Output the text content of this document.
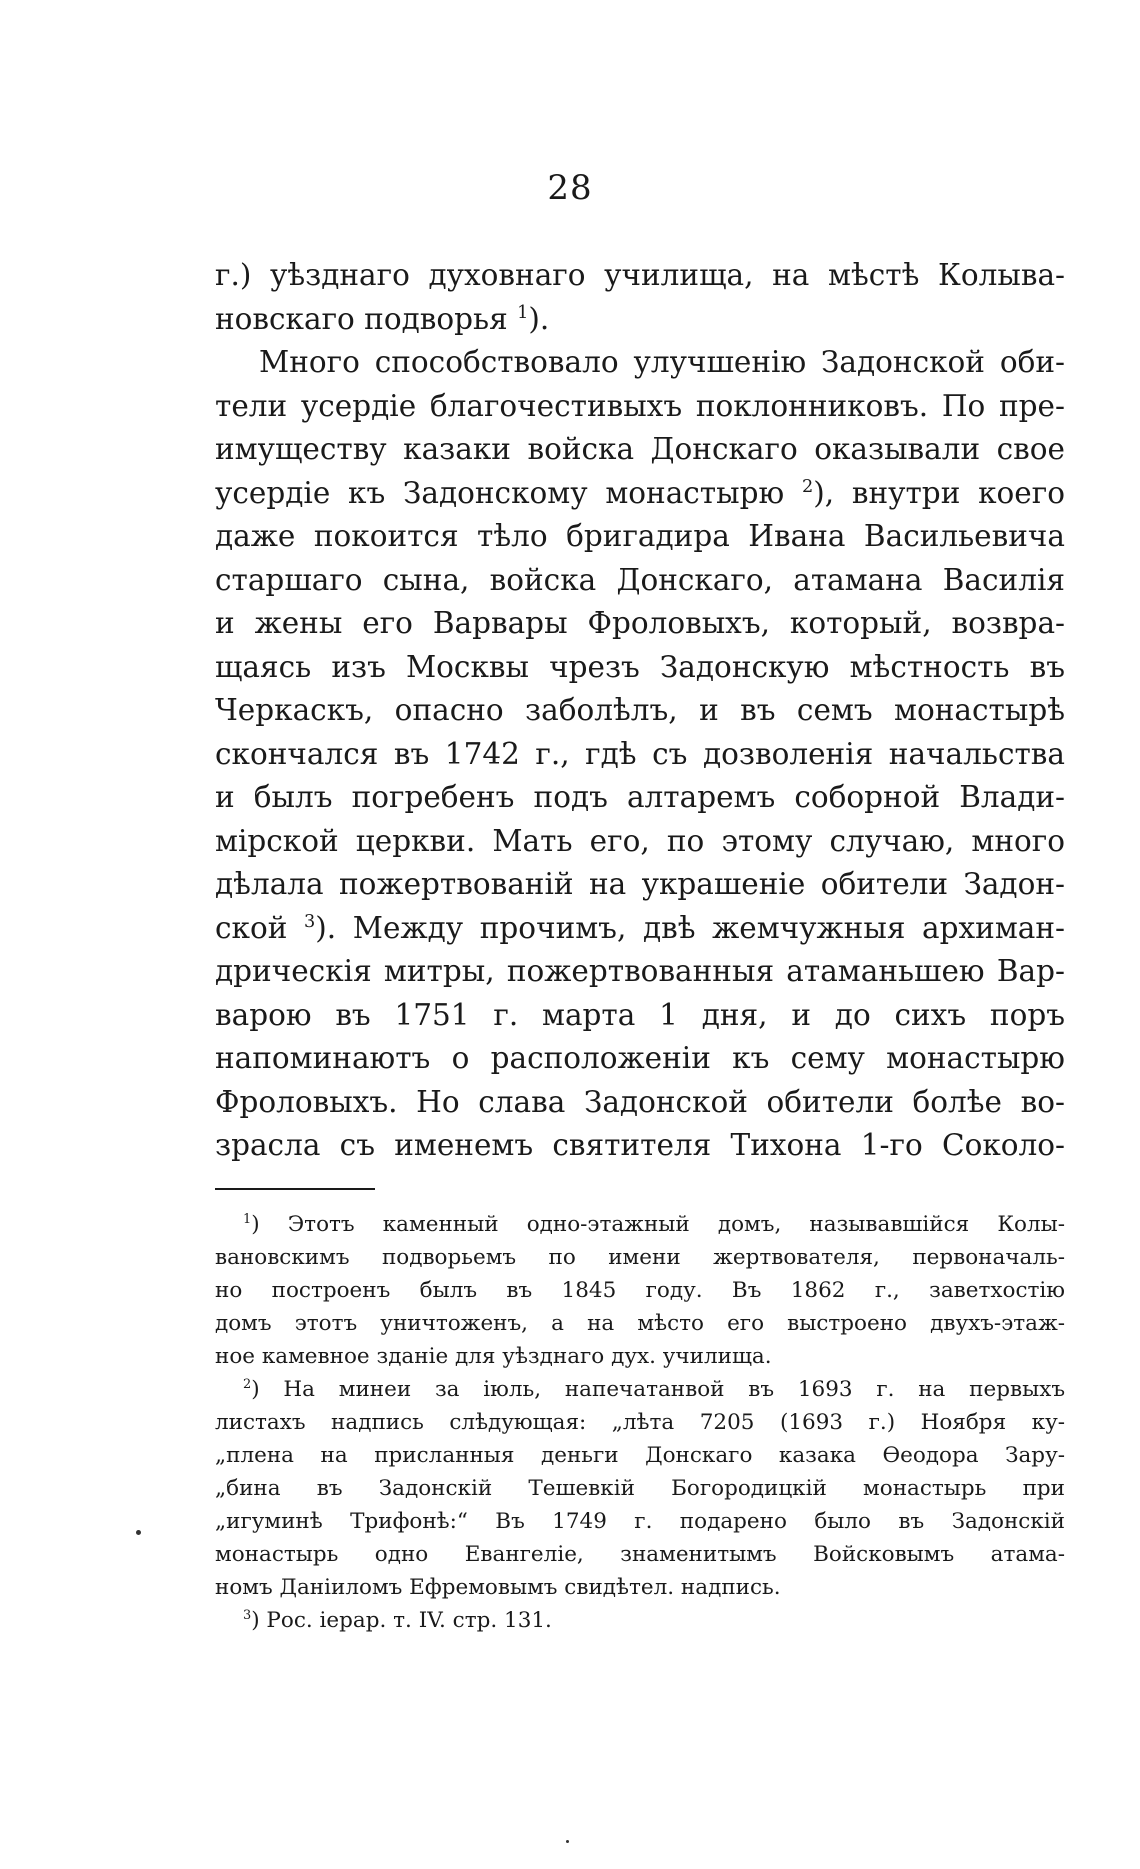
28
г.) уѣзднаго духовнаго училища, на мѣстѣ Колыва-
новскаго подворья $^1$).
Много способствовало улучшенію Задонской оби-
тели усердіе благочестивыхъ поклонниковъ. По пре-
имуществу казаки войска Донскаго оказывали свое
усердіе къ Задонскому монастырю $^2$), внутри коего
даже покоится тѣло бригадира Ивана Васильевича
старшаго сына, войска Донскаго, атамана Василія
и жены его Варвары Фроловыхъ, который, возвра-
щаясь изъ Москвы чрезъ Задонскую мѣстность въ
Черкаскъ, опасно заболѣлъ, и въ семъ монастырѣ
скончался въ 1742 г., гдѣ съ дозволенія начальства
и былъ погребенъ подъ алтаремъ соборной Влади-
мірской церкви. Мать его, по этому случаю, много
дѣлала пожертвованій на украшеніе обители Задон-
ской $^3$). Между прочимъ, двѣ жемчужныя архиман-
дрическія митры, пожертвованныя атаманьшею Вар-
варою въ 1751 г. марта 1 дня, и до сихъ поръ
напоминаютъ о расположеніи къ сему монастырю
Фроловыхъ. Но слава Задонской обители болѣе во-
зрасла съ именемъ святителя Тихона 1-го Соколо-
$^1$) Этотъ каменный одно-этажный домъ, называвшійся Колы-
вановскимъ подворьемъ по имени жертвователя, первоначаль-
но построенъ былъ въ 1845 году. Въ 1862 г., заветхостію
домъ этотъ уничтоженъ, а на мѣсто его выстроено двухъ-этаж-
ное камевное зданіе для уѣзднаго дух. училища.
$^2$) На минеи за іюль, напечатанвой въ 1693 г. на первыхъ
листахъ надпись слѣдующая: „лѣта 7205 (1693 г.) Ноября ку-
„плена на присланныя деньги Донскаго казака Ѳеодора Зару-
„бина въ Задонскій Тешевкій Богородицкій монастырь при
„игуминѣ Трифонѣ:“ Въ 1749 г. подарено было въ Задонскій
монастырь одно Евангеліе, знаменитымъ Войсковымъ атама-
номъ Даніиломъ Ефремовымъ свидѣтел. надпись.
$^3$) Рос. іерар. т. IV. стр. 131.
